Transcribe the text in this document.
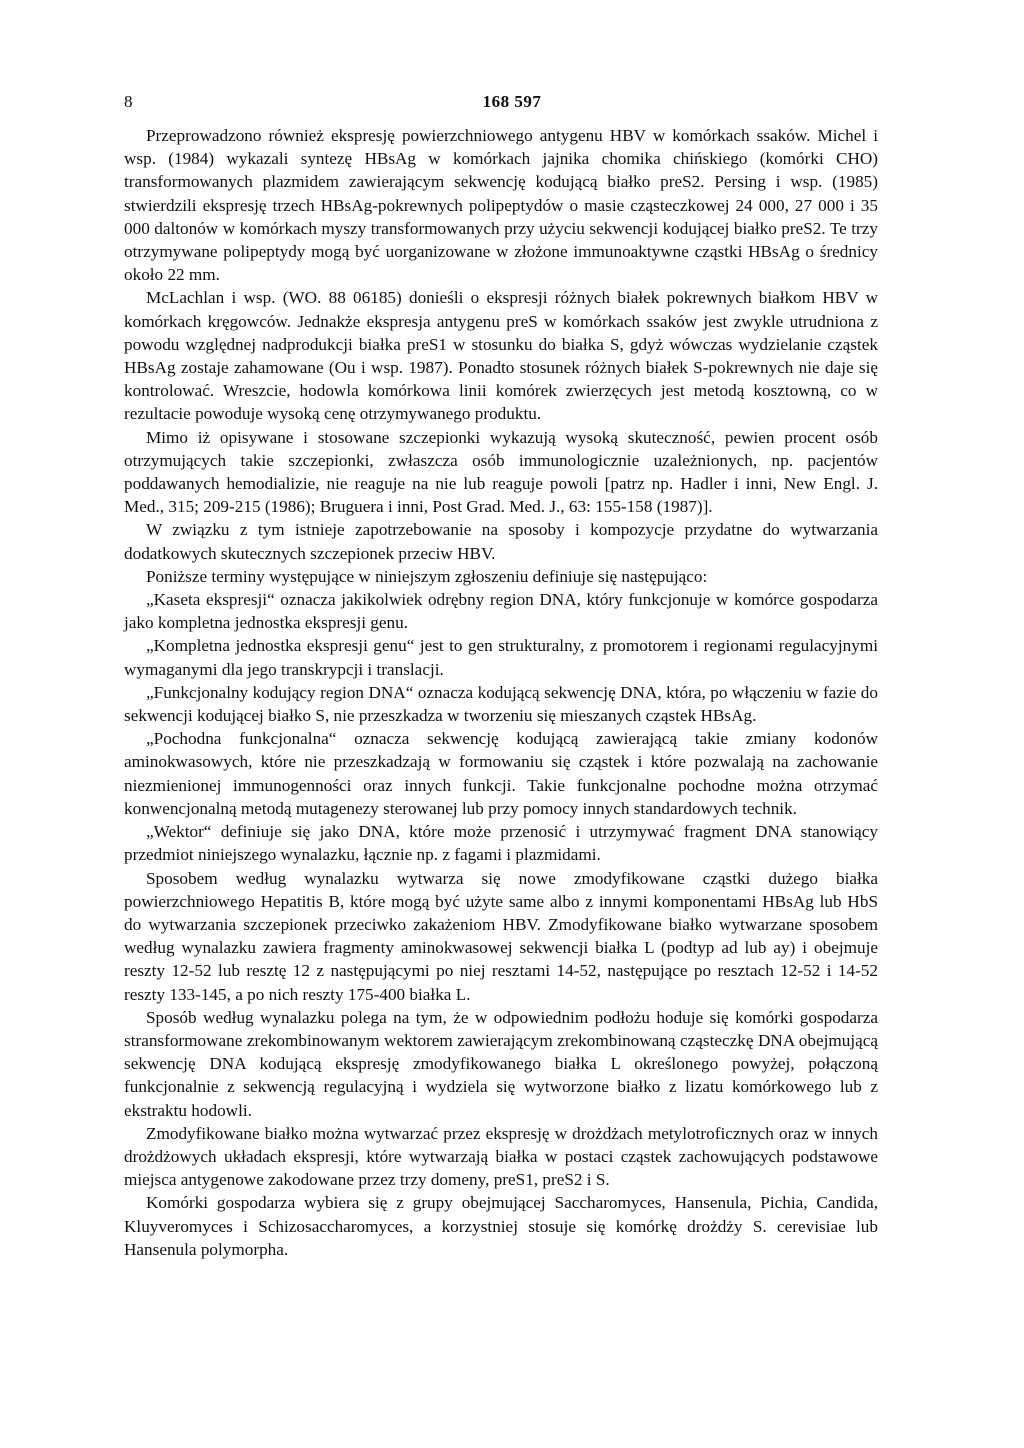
8	168 597

Przeprowadzono również ekspresję powierzchniowego antygenu HBV w komórkach ssaków. Michel i wsp. (1984) wykazali syntezę HBsAg w komórkach jajnika chomika chińskiego (komórki CHO) transformowanych plazmidem zawierającym sekwencję kodującą białko preS2. Persing i wsp. (1985) stwierdzili ekspresję trzech HBsAg-pokrewnych polipeptydów o masie cząsteczkowej 24 000, 27 000 i 35 000 daltonów w komórkach myszy transformowanych przy użyciu sekwencji kodującej białko preS2. Te trzy otrzymywane polipeptydy mogą być uorganizowane w złożone immunoaktywne cząstki HBsAg o średnicy około 22 mm.

McLachlan i wsp. (WO. 88 06185) donieśli o ekspresji różnych białek pokrewnych białkom HBV w komórkach kręgowców. Jednakże ekspresja antygenu preS w komórkach ssaków jest zwykle utrudniona z powodu względnej nadprodukcji białka preS1 w stosunku do białka S, gdyż wówczas wydzielanie cząstek HBsAg zostaje zahamowane (Ou i wsp. 1987). Ponadto stosunek różnych białek S-pokrewnych nie daje się kontrolować. Wreszcie, hodowla komórkowa linii komórek zwierzęcych jest metodą kosztowną, co w rezultacie powoduje wysoką cenę otrzymywanego produktu.

Mimo iż opisywane i stosowane szczepionki wykazują wysoką skuteczność, pewien procent osób otrzymujących takie szczepionki, zwłaszcza osób immunologicznie uzależnionych, np. pacjentów poddawanych hemodializie, nie reaguje na nie lub reaguje powoli [patrz np. Hadler i inni, New Engl. J. Med., 315; 209-215 (1986); Bruguera i inni, Post Grad. Med. J., 63: 155-158 (1987)].

W związku z tym istnieje zapotrzebowanie na sposoby i kompozycje przydatne do wytwarzania dodatkowych skutecznych szczepionek przeciw HBV.

Poniższe terminy występujące w niniejszym zgłoszeniu definiuje się następująco:

„Kaseta ekspresji“ oznacza jakikolwiek odrębny region DNA, który funkcjonuje w komórce gospodarza jako kompletna jednostka ekspresji genu.

„Kompletna jednostka ekspresji genu“ jest to gen strukturalny, z promotorem i regionami regulacyjnymi wymaganymi dla jego transkrypcji i translacji.

„Funkcjonalny kodujący region DNA“ oznacza kodującą sekwencję DNA, która, po włączeniu w fazie do sekwencji kodującej białko S, nie przeszkadza w tworzeniu się mieszanych cząstek HBsAg.

„Pochodna funkcjonalna“ oznacza sekwencję kodującą zawierającą takie zmiany kodonów aminokwasowych, które nie przeszkadzają w formowaniu się cząstek i które pozwalają na zachowanie niezmienionej immunogenności oraz innych funkcji. Takie funkcjonalne pochodne można otrzymać konwencjonalną metodą mutagenezy sterowanej lub przy pomocy innych standardowych technik.

„Wektor“ definiuje się jako DNA, które może przenosić i utrzymywać fragment DNA stanowiący przedmiot niniejszego wynalazku, łącznie np. z fagami i plazmidami.

Sposobem według wynalazku wytwarza się nowe zmodyfikowane cząstki dużego białka powierzchniowego Hepatitis B, które mogą być użyte same albo z innymi komponentami HBsAg lub HbS do wytwarzania szczepionek przeciwko zakażeniom HBV. Zmodyfikowane białko wytwarzane sposobem według wynalazku zawiera fragmenty aminokwasowej sekwencji białka L (podtyp ad lub ay) i obejmuje reszty 12-52 lub resztę 12 z następującymi po niej resztami 14-52, następujące po resztach 12-52 i 14-52 reszty 133-145, a po nich reszty 175-400 białka L.

Sposób według wynalazku polega na tym, że w odpowiednim podłożu hoduje się komórki gospodarza stransformowane zrekombinowanym wektorem zawierającym zrekombinowaną cząsteczkę DNA obejmującą sekwencję DNA kodującą ekspresję zmodyfikowanego białka L określonego powyżej, połączoną funkcjonalnie z sekwencją regulacyjną i wydziela się wytworzone białko z lizatu komórkowego lub z ekstraktu hodowli.

Zmodyfikowane białko można wytwarzać przez ekspresję w drożdżach metylotroficznych oraz w innych drożdżowych układach ekspresji, które wytwarzają białka w postaci cząstek zachowujących podstawowe miejsca antygenowe zakodowane przez trzy domeny, preS1, preS2 i S.

Komórki gospodarza wybiera się z grupy obejmującej Saccharomyces, Hansenula, Pichia, Candida, Kluyveromyces i Schizosaccharomyces, a korzystniej stosuje się komórkę drożdży S. cerevisiae lub Hansenula polymorpha.
